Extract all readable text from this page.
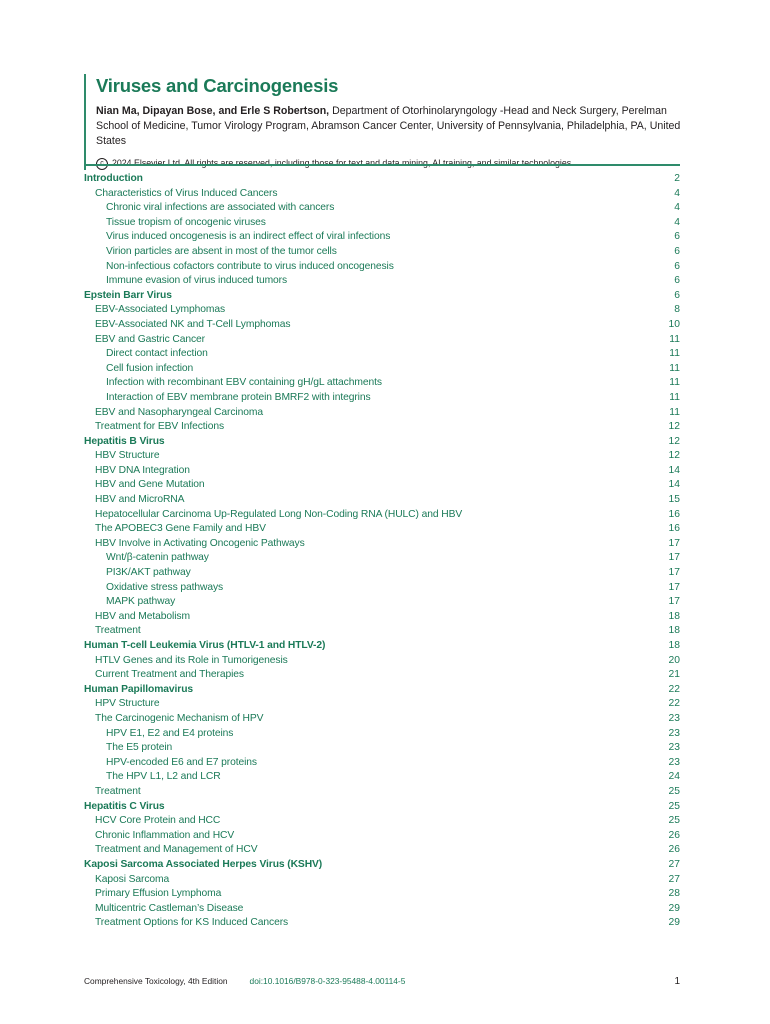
Viruses and Carcinogenesis

Nian Ma, Dipayan Bose, and Erle S Robertson, Department of Otorhinolaryngology -Head and Neck Surgery, Perelman School of Medicine, Tumor Virology Program, Abramson Cancer Center, University of Pennsylvania, Philadelphia, PA, United States

c 2024 Elsevier Ltd. All rights are reserved, including those for text and data mining, AI training, and similar technologies.

Introduction	2
Characteristics of Virus Induced Cancers	4
Chronic viral infections are associated with cancers	4
Tissue tropism of oncogenic viruses	4
Virus induced oncogenesis is an indirect effect of viral infections	6
Virion particles are absent in most of the tumor cells	6
Non-infectious cofactors contribute to virus induced oncogenesis	6
Immune evasion of virus induced tumors	6
Epstein Barr Virus	6
EBV-Associated Lymphomas	8
EBV-Associated NK and T-Cell Lymphomas	10
EBV and Gastric Cancer	11
Direct contact infection	11
Cell fusion infection	11
Infection with recombinant EBV containing gH/gL attachments	11
Interaction of EBV membrane protein BMRF2 with integrins	11
EBV and Nasopharyngeal Carcinoma	11
Treatment for EBV Infections	12
Hepatitis B Virus	12
HBV Structure	12
HBV DNA Integration	14
HBV and Gene Mutation	14
HBV and MicroRNA	15
Hepatocellular Carcinoma Up-Regulated Long Non-Coding RNA (HULC) and HBV	16
The APOBEC3 Gene Family and HBV	16
HBV Involve in Activating Oncogenic Pathways	17
Wnt/β-catenin pathway	17
PI3K/AKT pathway	17
Oxidative stress pathways	17
MAPK pathway	17
HBV and Metabolism	18
Treatment	18
Human T-cell Leukemia Virus (HTLV-1 and HTLV-2)	18
HTLV Genes and its Role in Tumorigenesis	20
Current Treatment and Therapies	21
Human Papillomavirus	22
HPV Structure	22
The Carcinogenic Mechanism of HPV	23
HPV E1, E2 and E4 proteins	23
The E5 protein	23
HPV-encoded E6 and E7 proteins	23
The HPV L1, L2 and LCR	24
Treatment	25
Hepatitis C Virus	25
HCV Core Protein and HCC	25
Chronic Inflammation and HCV	26
Treatment and Management of HCV	26
Kaposi Sarcoma Associated Herpes Virus (KSHV)	27
Kaposi Sarcoma	27
Primary Effusion Lymphoma	28
Multicentric Castleman’s Disease	29
Treatment Options for KS Induced Cancers	29
Comprehensive Toxicology, 4th Edition	doi:10.1016/B978-0-323-95488-4.00114-5	1
